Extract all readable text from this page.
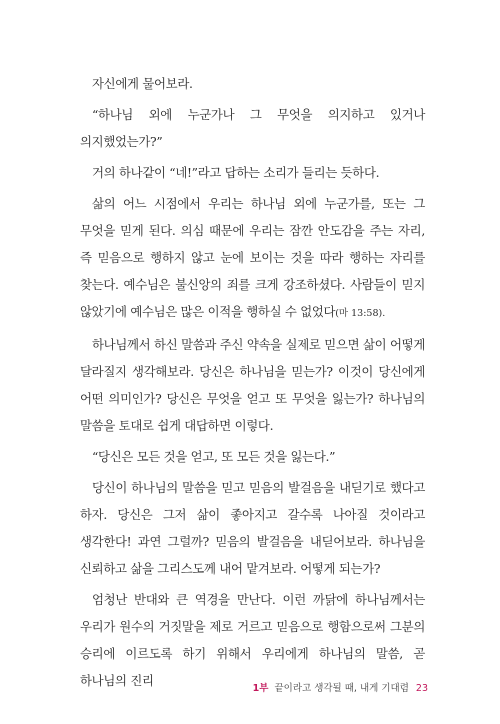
자신에게 물어보라.

“하나님 외에 누군가나 그 무엇을 의지하고 있거나 의지했었는가?”

거의 하나같이 “네!”라고 답하는 소리가 들리는 듯하다.

삶의 어느 시점에서 우리는 하나님 외에 누군가를, 또는 그 무엇을 믿게 된다. 의심 때문에 우리는 잠깐 안도감을 주는 자리, 즉 믿음으로 행하지 않고 눈에 보이는 것을 따라 행하는 자리를 찾는다. 예수님은 불신앙의 죄를 크게 강조하셨다. 사람들이 믿지 않았기에 예수님은 많은 이적을 행하실 수 없었다(마 13:58).

하나님께서 하신 말씀과 주신 약속을 실제로 믿으면 삶이 어떻게 달라질지 생각해보라. 당신은 하나님을 믿는가? 이것이 당신에게 어떤 의미인가? 당신은 무엇을 얻고 또 무엇을 잃는가? 하나님의 말씀을 토대로 쉽게 대답하면 이렇다.

“당신은 모든 것을 얻고, 또 모든 것을 잃는다.”

당신이 하나님의 말씀을 믿고 믿음의 발걸음을 내딛기로 했다고 하자. 당신은 그저 삶이 좋아지고 갈수록 나아질 것이라고 생각한다! 과연 그럴까? 믿음의 발걸음을 내딛어보라. 하나님을 신뢰하고 삶을 그리스도께 내어 맡겨보라. 어떻게 되는가?

엄청난 반대와 큰 역경을 만난다. 이런 까닭에 하나님께서는 우리가 원수의 거짓말을 제로 거르고 믿음으로 행함으로써 그분의 승리에 이르도록 하기 위해서 우리에게 하나님의 말씀, 곧 하나님의 진리

1부 끝이라고 생각될 때, 내게 기대렴 23
